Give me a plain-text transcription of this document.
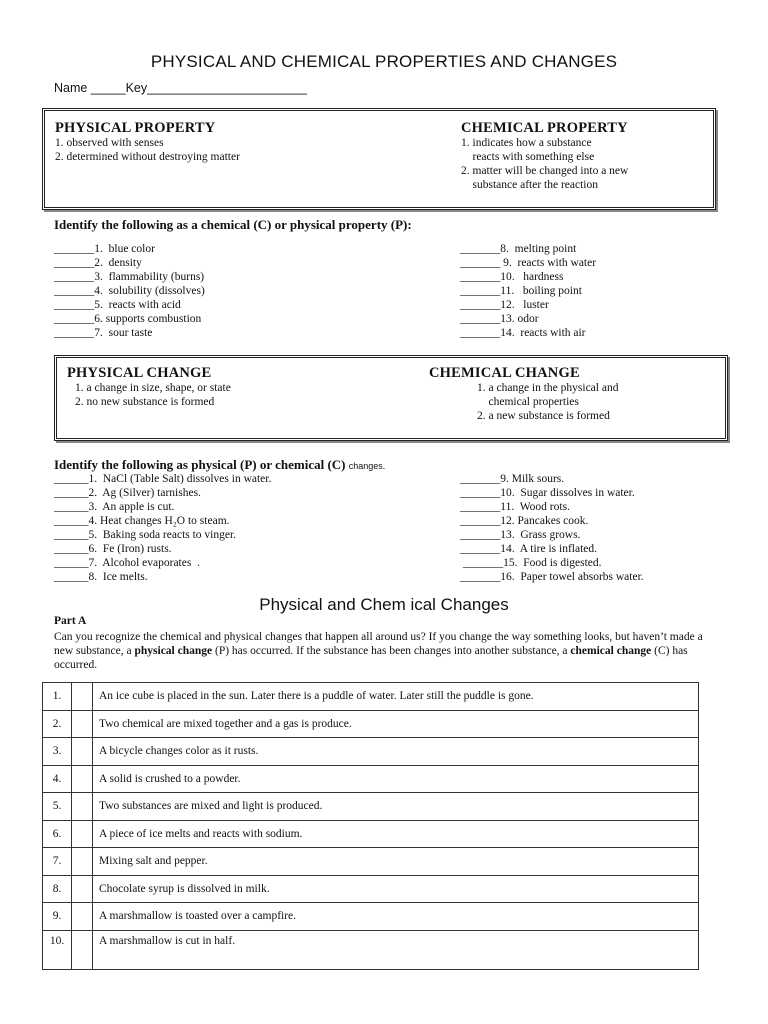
PHYSICAL AND CHEMICAL PROPERTIES AND CHANGES
Name _____Key_______________________
PHYSICAL PROPERTY
1. observed with senses
2. determined without destroying matter
CHEMICAL PROPERTY
1. indicates how a substance
reacts with something else
2. matter will be changed into a new
substance after the reaction
Identify the following as a chemical (C) or physical property (P):
_______1.  blue color
_______2.  density
_______3.  flammability (burns)
_______4.  solubility (dissolves)
_______5.  reacts with acid
_______6. supports combustion
_______7.  sour taste
_______8.  melting point
_______ 9.  reacts with water
_______10.   hardness
_______11.   boiling point
_______12.   luster
_______13. odor
_______14.  reacts with air
PHYSICAL CHANGE
1. a change in size, shape, or state
2. no new substance is formed
CHEMICAL CHANGE
1. a change in the physical and
chemical properties
2. a new substance is formed
Identify the following as physical (P) or chemical (C) changes.
______1.  NaCl (Table Salt) dissolves in water.
______2.  Ag (Silver) tarnishes.
______3.  An apple is cut.
______4. Heat changes H₂O to steam.
______5.  Baking soda reacts to vinger.
______6.  Fe (Iron) rusts.
______7.  Alcohol evaporates  .
______8.  Ice melts.
_______9. Milk sours.
_______10.  Sugar dissolves in water.
_______11.  Wood rots.
_______12. Pancakes cook.
_______13.  Grass grows.
_______14.  A tire is inflated.
_______15.  Food is digested.
_______16.  Paper towel absorbs water.
Physical and Chem ical Changes
Part A
Can you recognize the chemical and physical changes that happen all around us? If you change the way something looks, but haven’t made a new substance, a physical change (P) has occurred. If the substance has been changes into another substance, a chemical change (C) has occurred.
1.		An ice cube is placed in the sun. Later there is a puddle of water. Later still the puddle is gone.
2.		Two chemical are mixed together and a gas is produce.
3.		A bicycle changes color as it rusts.
4.		A solid is crushed to a powder.
5.		Two substances are mixed and light is produced.
6.		A piece of ice melts and reacts with sodium.
7.		Mixing salt and pepper.
8.		Chocolate syrup is dissolved in milk.
9.		A marshmallow is toasted over a campfire.
10.		A marshmallow is cut in half.
